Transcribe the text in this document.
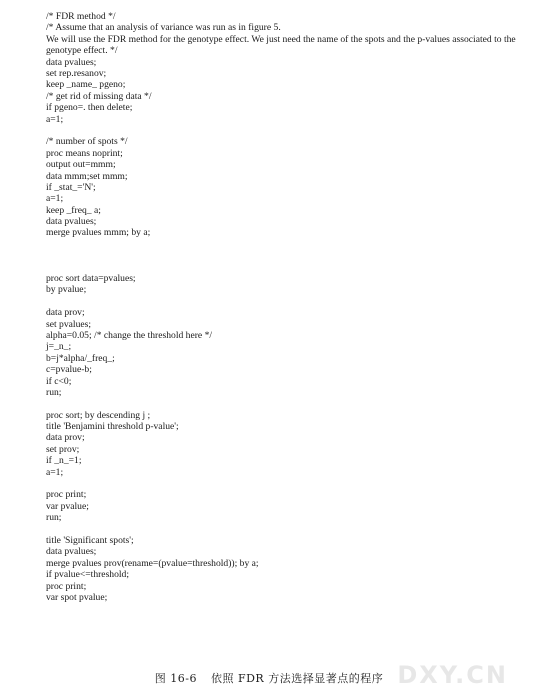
/* FDR method */
/* Assume that an analysis of variance was run as in figure 5.
We will use the FDR method for the genotype effect. We just need the name of the spots and the p-values associated to the genotype effect. */
data pvalues;
set rep.resanov;
keep _name_ pgeno;
/* get rid of missing data */
if pgeno=. then delete;
a=1;
/* number of spots */
proc means noprint;
output out=mmm;
data mmm;set mmm;
if _stat_='N';
a=1;
keep _freq_ a;
data pvalues;
merge pvalues mmm; by a;
proc sort data=pvalues;
by pvalue;
data prov;
set pvalues;
alpha=0.05; /* change the threshold here */
j=_n_;
b=j*alpha/_freq_;
c=pvalue-b;
if c<0;
run;
proc sort; by descending j ;
title 'Benjamini threshold p-value';
data prov;
set prov;
if _n_=1;
a=1;
proc print;
var pvalue;
run;
title 'Significant spots';
data pvalues;
merge pvalues prov(rename=(pvalue=threshold)); by a;
if pvalue<=threshold;
proc print;
var spot pvalue;
图 16-6 依照 FDR 方法选择显著点的程序 DXY.CN
